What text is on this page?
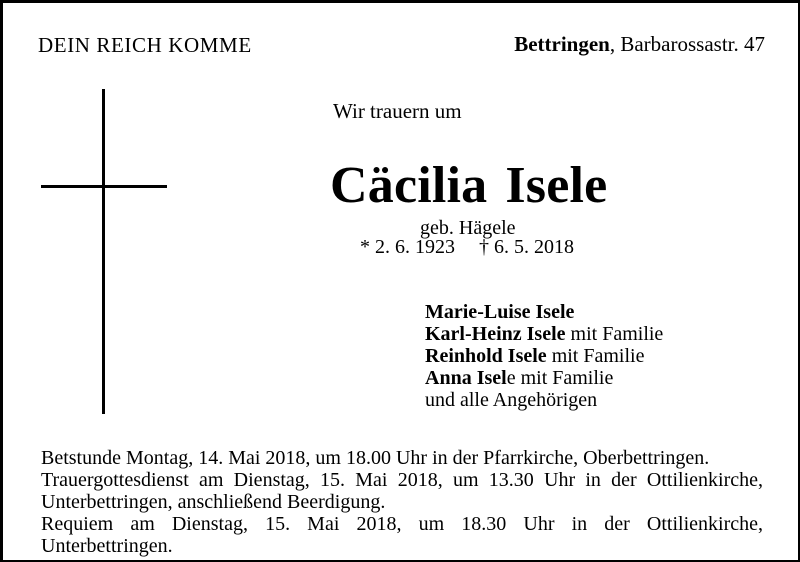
DEIN REICH KOMME	Bettringen, Barbarossastr. 47
Wir trauern um
Cäcilia Isele
geb. Hägele
* 2. 6. 1923 † 6. 5. 2018
Marie-Luise Isele
Karl-Heinz Isele mit Familie
Reinhold Isele mit Familie
Anna Isele mit Familie
und alle Angehörigen
Betstunde Montag, 14. Mai 2018, um 18.00 Uhr in der Pfarrkirche, Oberbettringen.
Trauergottesdienst am Dienstag, 15. Mai 2018, um 13.30 Uhr in der Ottilienkirche,
Unterbettringen, anschließend Beerdigung.
Requiem am Dienstag, 15. Mai 2018, um 18.30 Uhr in der Ottilienkirche, Unterbettringen.
